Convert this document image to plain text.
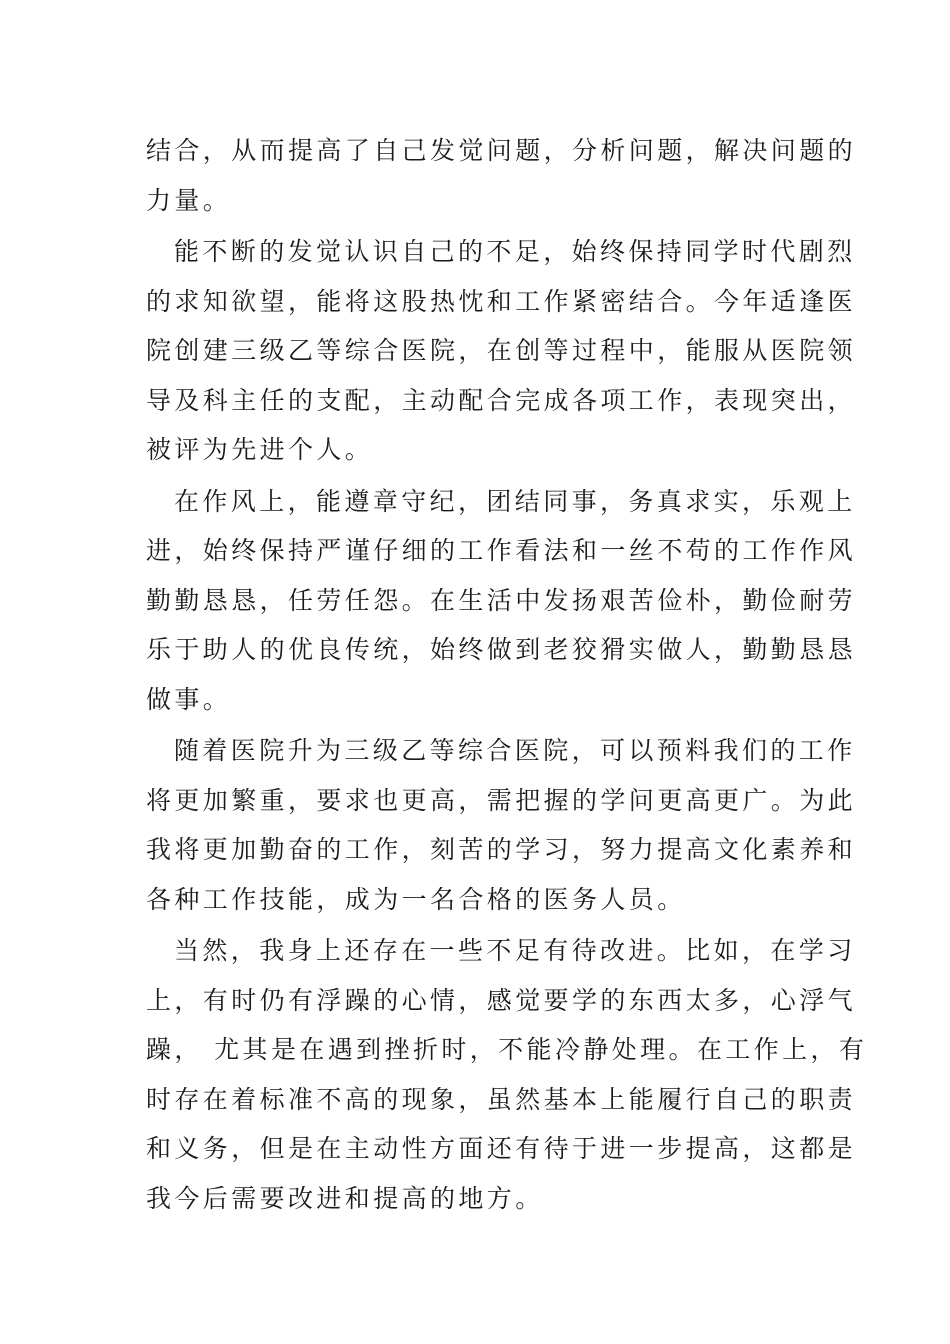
结合，从而提高了自己发觉问题，分析问题，解决问题的
力量。

能不断的发觉认识自己的不足，始终保持同学时代剧烈
的求知欲望，能将这股热忱和工作紧密结合。今年适逢医
院创建三级乙等综合医院，在创等过程中，能服从医院领
导及科主任的支配，主动配合完成各项工作，表现突出，
被评为先进个人。

在作风上，能遵章守纪，团结同事，务真求实，乐观上
进，始终保持严谨仔细的工作看法和一丝不苟的工作作风
勤勤恳恳，任劳任怨。在生活中发扬艰苦俭朴，勤俭耐劳
乐于助人的优良传统，始终做到老狡猾实做人，勤勤恳恳
做事。

随着医院升为三级乙等综合医院，可以预料我们的工作
将更加繁重，要求也更高，需把握的学问更高更广。为此
我将更加勤奋的工作，刻苦的学习，努力提高文化素养和
各种工作技能，成为一名合格的医务人员。

当然，我身上还存在一些不足有待改进。比如，在学习
上，有时仍有浮躁的心情，感觉要学的东西太多，心浮气
躁， 尤其是在遇到挫折时，不能冷静处理。在工作上，有
时存在着标准不高的现象，虽然基本上能履行自己的职责
和义务，但是在主动性方面还有待于进一步提高，这都是
我今后需要改进和提高的地方。
